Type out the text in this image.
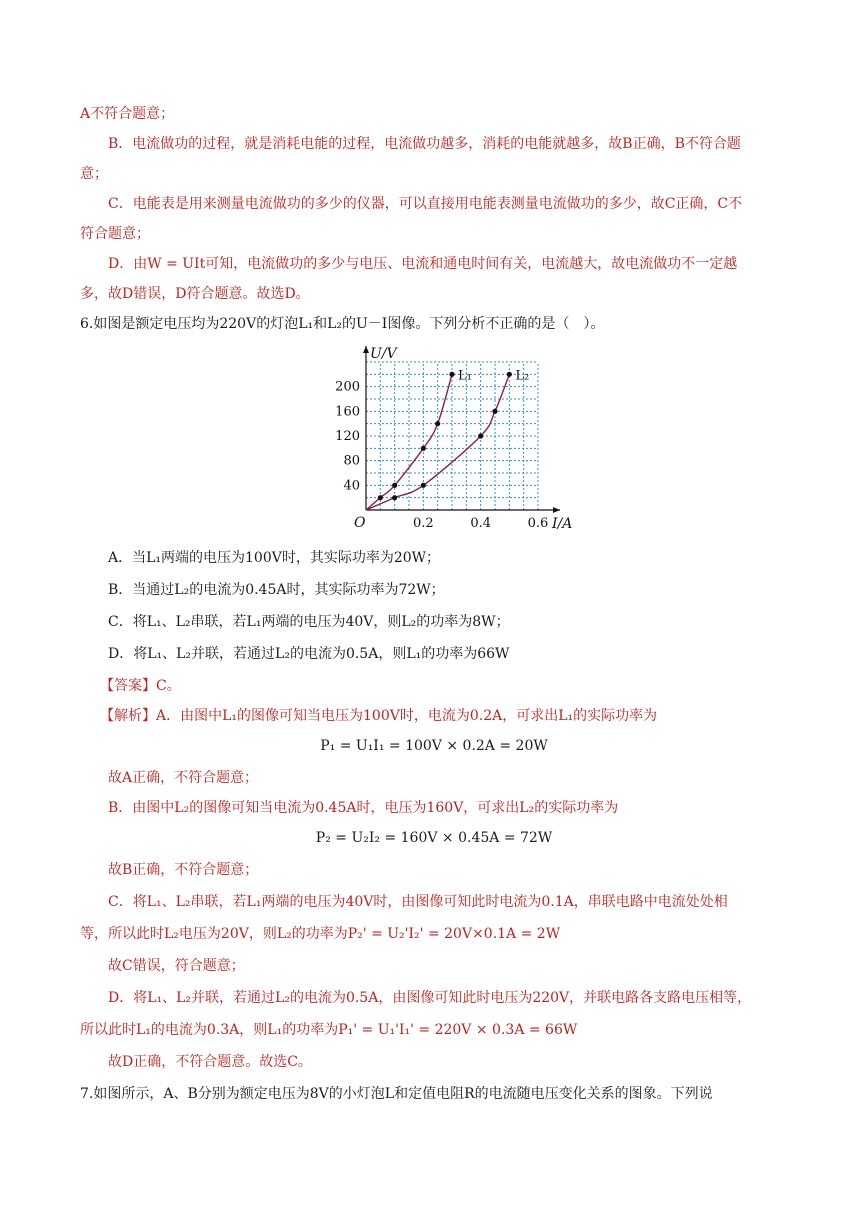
A不符合题意；
B．电流做功的过程，就是消耗电能的过程，电流做功越多，消耗的电能就越多，故B正确，B不符合题
意；
C．电能表是用来测量电流做功的多少的仪器，可以直接用电能表测量电流做功的多少，故C正确，C不
符合题意；
D．由W = UIt可知，电流做功的多少与电压、电流和通电时间有关，电流越大，故电流做功不一定越
多，故D错误，D符合题意。故选D。
6.如图是额定电压均为220V的灯泡L₁和L₂的U－I图像。下列分析不正确的是（　）。
L₁	L₂
40
80
120
160
200
0.2	0.4	0.6
O
U/V
I/A
A．当L₁两端的电压为100V时，其实际功率为20W；
B．当通过L₂的电流为0.45A时，其实际功率为72W；
C．将L₁、L₂串联，若L₁两端的电压为40V，则L₂的功率为8W；
D．将L₁、L₂并联，若通过L₂的电流为0.5A，则L₁的功率为66W
【答案】C。
【解析】A．由图中L₁的图像可知当电压为100V时，电流为0.2A，可求出L₁的实际功率为
P₁ = U₁I₁ = 100V × 0.2A = 20W
故A正确，不符合题意；
B．由图中L₂的图像可知当电流为0.45A时，电压为160V，可求出L₂的实际功率为
P₂ = U₂I₂ = 160V × 0.45A = 72W
故B正确，不符合题意；
C．将L₁、L₂串联，若L₁两端的电压为40V时，由图像可知此时电流为0.1A，串联电路中电流处处相
等，所以此时L₂电压为20V，则L₂的功率为P₂' = U₂'I₂' = 20V×0.1A = 2W
故C错误，符合题意；
D．将L₁、L₂并联，若通过L₂的电流为0.5A，由图像可知此时电压为220V，并联电路各支路电压相等，
所以此时L₁的电流为0.3A，则L₁的功率为P₁' = U₁'I₁' = 220V × 0.3A = 66W
故D正确，不符合题意。故选C。
7.如图所示，A、B分别为额定电压为8V的小灯泡L和定值电阻R的电流随电压变化关系的图象。下列说
